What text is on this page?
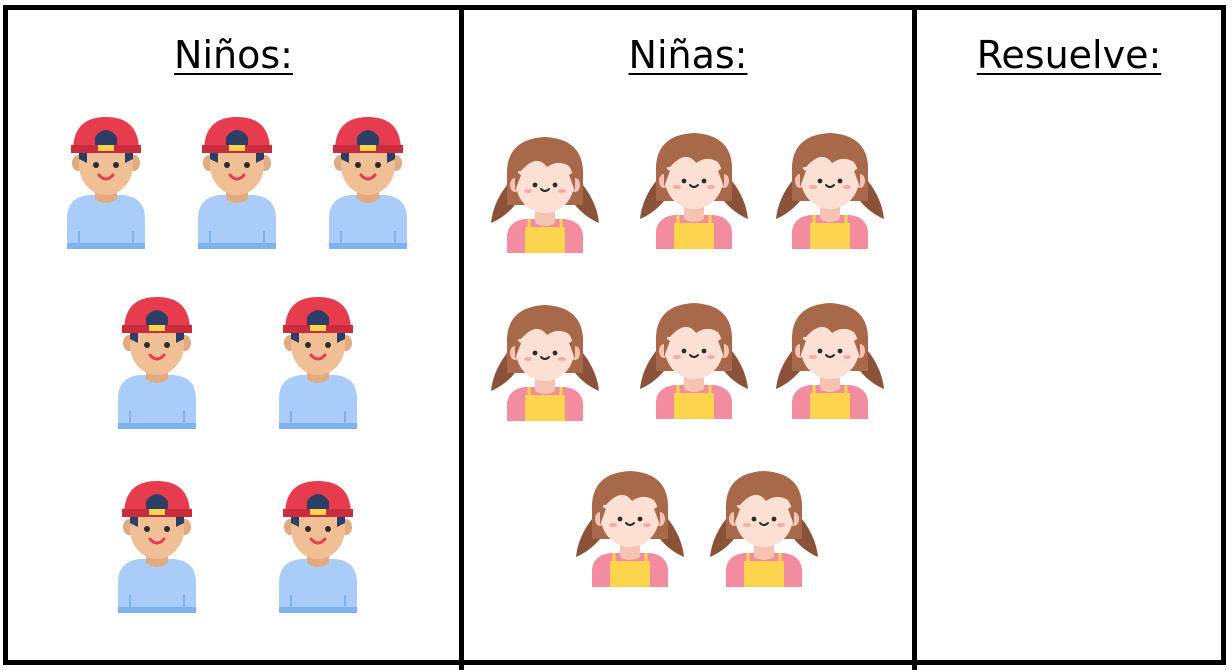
Niños:	Niñas:	Resuelve:
